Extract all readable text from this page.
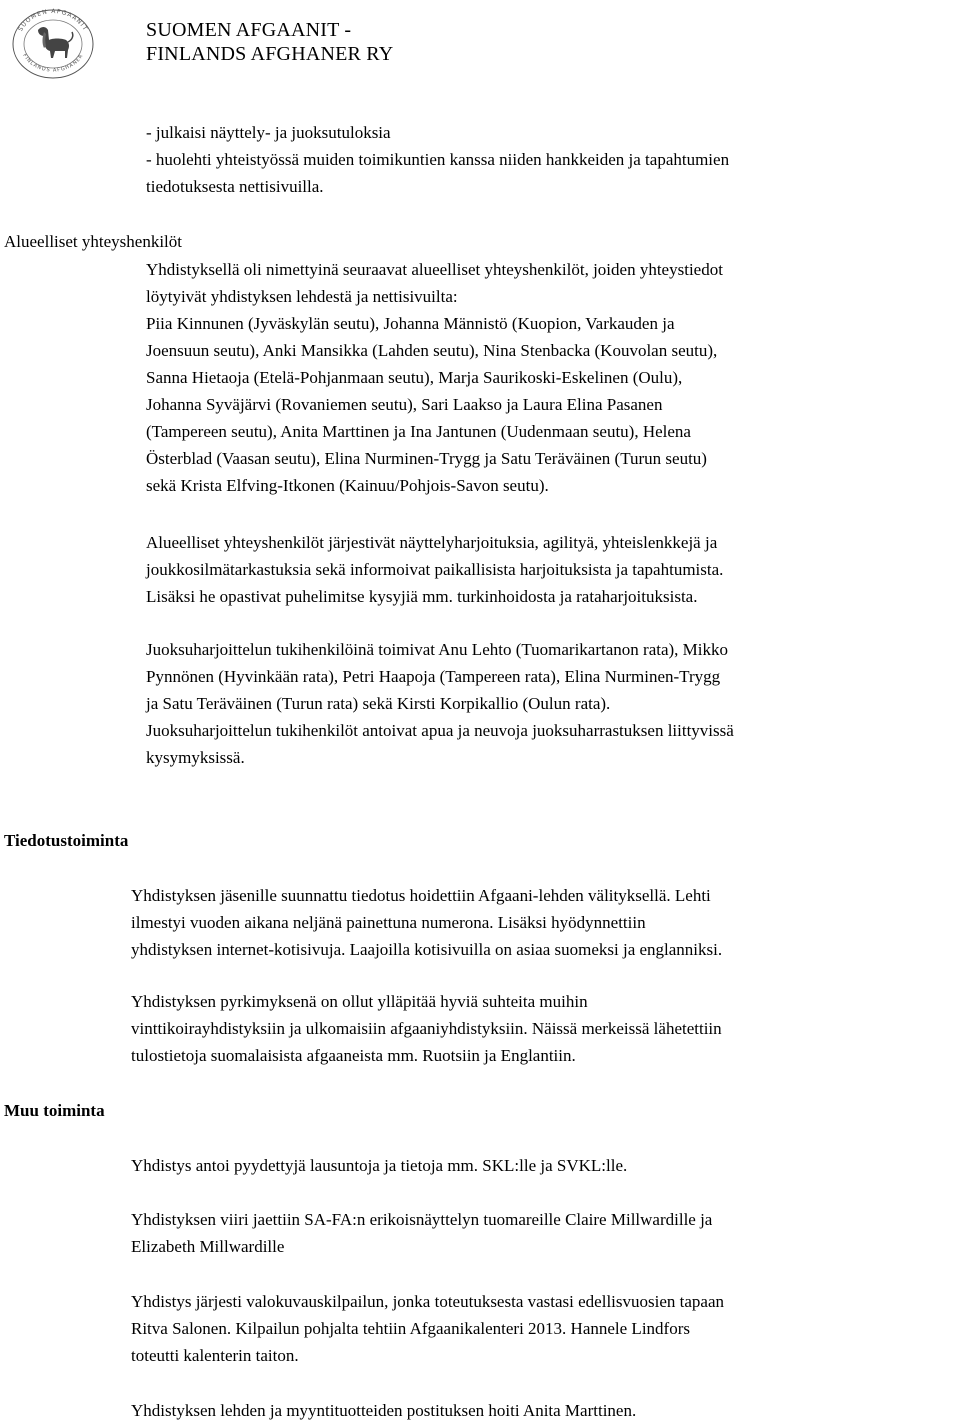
SUOMEN AFGAANIT
FINLANDS AFGHANER
SUOMEN AFGAANIT -
FINLANDS AFGHANER RY
- julkaisi näyttely- ja juoksutuloksia
- huolehti yhteistyössä muiden toimikuntien kanssa niiden hankkeiden ja tapahtumien
tiedotuksesta nettisivuilla.
Alueelliset yhteyshenkilöt
Yhdistyksellä oli nimettyinä seuraavat alueelliset yhteyshenkilöt, joiden yhteystiedot
löytyivät yhdistyksen lehdestä ja nettisivuilta:
Piia Kinnunen (Jyväskylän seutu), Johanna Männistö (Kuopion, Varkauden ja
Joensuun seutu), Anki Mansikka (Lahden seutu), Nina Stenbacka (Kouvolan seutu),
Sanna Hietaoja (Etelä-Pohjanmaan seutu), Marja Saurikoski-Eskelinen (Oulu),
Johanna Syväjärvi (Rovaniemen seutu), Sari Laakso ja Laura Elina Pasanen
(Tampereen seutu), Anita Marttinen ja Ina Jantunen (Uudenmaan seutu), Helena
Österblad (Vaasan seutu), Elina Nurminen-Trygg ja Satu Teräväinen (Turun seutu)
sekä Krista Elfving-Itkonen (Kainuu/Pohjois-Savon seutu).
Alueelliset yhteyshenkilöt järjestivät näyttelyharjoituksia, agilityä, yhteislenkkejä ja
joukkosilmätarkastuksia sekä informoivat paikallisista harjoituksista ja tapahtumista.
Lisäksi he opastivat puhelimitse kysyjiä mm. turkinhoidosta ja rataharjoituksista.
Juoksuharjoittelun tukihenkilöinä toimivat Anu Lehto (Tuomarikartanon rata), Mikko
Pynnönen (Hyvinkään rata), Petri Haapoja (Tampereen rata), Elina Nurminen-Trygg
ja Satu Teräväinen (Turun rata) sekä Kirsti Korpikallio (Oulun rata).
Juoksuharjoittelun tukihenkilöt antoivat apua ja neuvoja juoksuharrastuksen liittyvissä
kysymyksissä.
Tiedotustoiminta
Yhdistyksen jäsenille suunnattu tiedotus hoidettiin Afgaani-lehden välityksellä. Lehti
ilmestyi vuoden aikana neljänä painettuna numerona. Lisäksi hyödynnettiin
yhdistyksen internet-kotisivuja. Laajoilla kotisivuilla on asiaa suomeksi ja englanniksi.
Yhdistyksen pyrkimyksenä on ollut ylläpitää hyviä suhteita muihin
vinttikoirayhdistyksiin ja ulkomaisiin afgaaniyhdistyksiin. Näissä merkeissä lähetettiin
tulostietoja suomalaisista afgaaneista mm. Ruotsiin ja Englantiin.
Muu toiminta
Yhdistys antoi pyydettyjä lausuntoja ja tietoja mm. SKL:lle ja SVKL:lle.
Yhdistyksen viiri jaettiin SA-FA:n erikoisnäyttelyn tuomareille Claire Millwardille ja
Elizabeth Millwardille
Yhdistys järjesti valokuvauskilpailun, jonka toteutuksesta vastasi edellisvuosien tapaan
Ritva Salonen. Kilpailun pohjalta tehtiin Afgaanikalenteri 2013. Hannele Lindfors
toteutti kalenterin taiton.
Yhdistyksen lehden ja myyntituotteiden postituksen hoiti Anita Marttinen.
